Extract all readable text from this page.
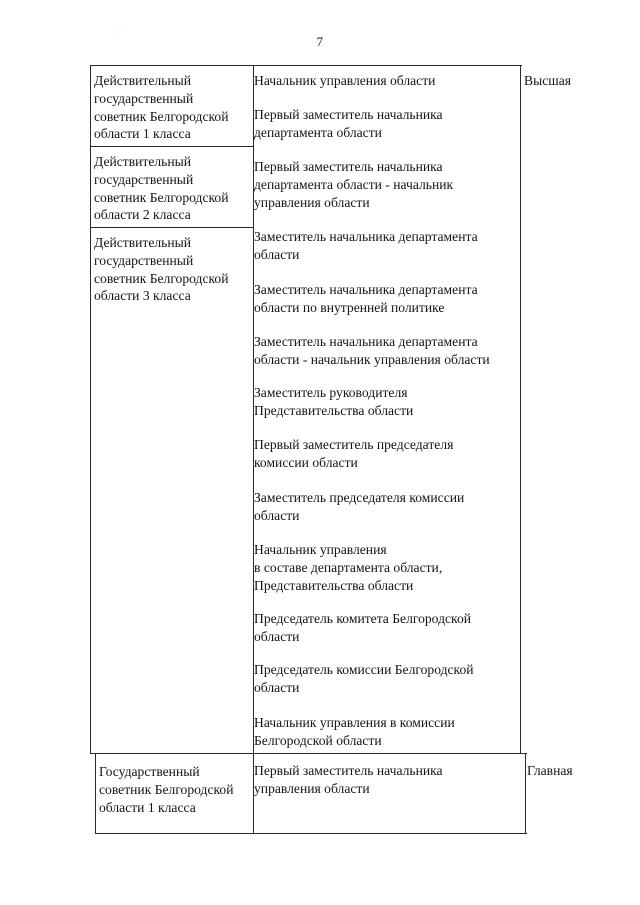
7
· · · · ·
· · ·
Действительный
государственный
советник Белгородской
области 1 класса
Действительный
государственный
советник Белгородской
области 2 класса
Действительный
государственный
советник Белгородской
области 3 класса
Государственный
советник Белгородской
области 1 класса
Высшая
Главная
Начальник управления области
Первый заместитель начальника
департамента области
Первый заместитель начальника
департамента области - начальник
управления области
Заместитель начальника департамента
области
Заместитель начальника департамента
области по внутренней политике
Заместитель начальника департамента
области - начальник управления области
Заместитель руководителя
Представительства области
Первый заместитель председателя
комиссии области
Заместитель председателя комиссии
области
Начальник управления
в составе департамента области,
Представительства области
Председатель комитета Белгородской
области
Председатель комиссии Белгородской
области
Начальник управления в комиссии
Белгородской области
Первый заместитель начальника
управления области
